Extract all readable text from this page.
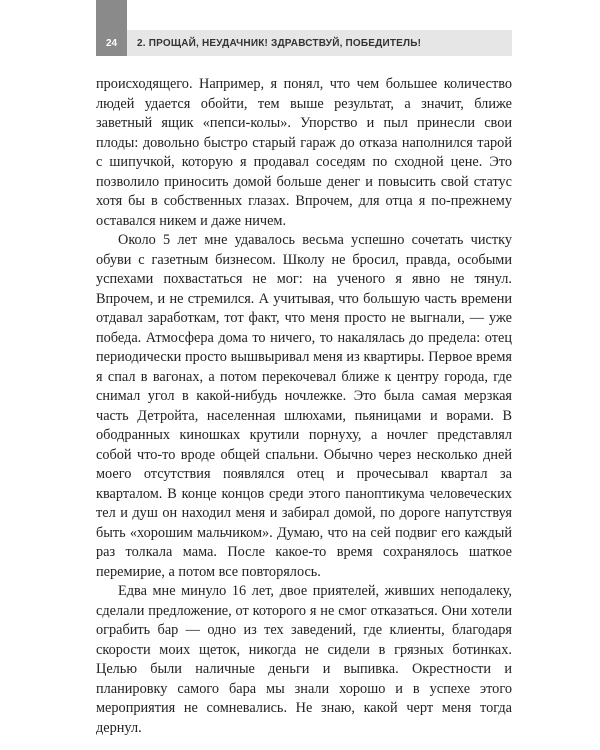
24	2. ПРОЩАЙ, НЕУДАЧНИК! ЗДРАВСТВУЙ, ПОБЕДИТЕЛЬ!

происходящего. Например, я понял, что чем большее количество людей удается обойти, тем выше результат, а значит, ближе заветный ящик «пепси-колы». Упорство и пыл принесли свои плоды: довольно быстро старый гараж до отказа наполнился тарой с шипучкой, которую я продавал соседям по сходной цене. Это позволило приносить домой больше денег и повысить свой статус хотя бы в собственных глазах. Впрочем, для отца я по-прежнему оставался никем и даже ничем.

Около 5 лет мне удавалось весьма успешно сочетать чистку обуви с газетным бизнесом. Школу не бросил, правда, особыми успехами похвастаться не мог: на ученого я явно не тянул. Впрочем, и не стремился. А учитывая, что большую часть времени отдавал заработкам, тот факт, что меня просто не выгнали, — уже победа. Атмосфера дома то ничего, то накалялась до предела: отец периодически просто вышвыривал меня из квартиры. Первое время я спал в вагонах, а потом перекочевал ближе к центру города, где снимал угол в какой-нибудь ночлежке. Это была самая мерзкая часть Детройта, населенная шлюхами, пьяницами и ворами. В ободранных киношках крутили порнуху, а ночлег представлял собой что-то вроде общей спальни. Обычно через несколько дней моего отсутствия появлялся отец и прочесывал квартал за кварталом. В конце концов среди этого паноптикума человеческих тел и душ он находил меня и забирал домой, по дороге напутствуя быть «хорошим мальчиком». Думаю, что на сей подвиг его каждый раз толкала мама. После какое-то время сохранялось шаткое перемирие, а потом все повторялось.

Едва мне минуло 16 лет, двое приятелей, живших неподалеку, сделали предложение, от которого я не смог отказаться. Они хотели ограбить бар — одно из тех заведений, где клиенты, благодаря скорости моих щеток, никогда не сидели в грязных ботинках. Целью были наличные деньги и выпивка. Окрестности и планировку самого бара мы знали хорошо и в успехе этого мероприятия не сомневались. Не знаю, какой черт меня тогда дернул.
